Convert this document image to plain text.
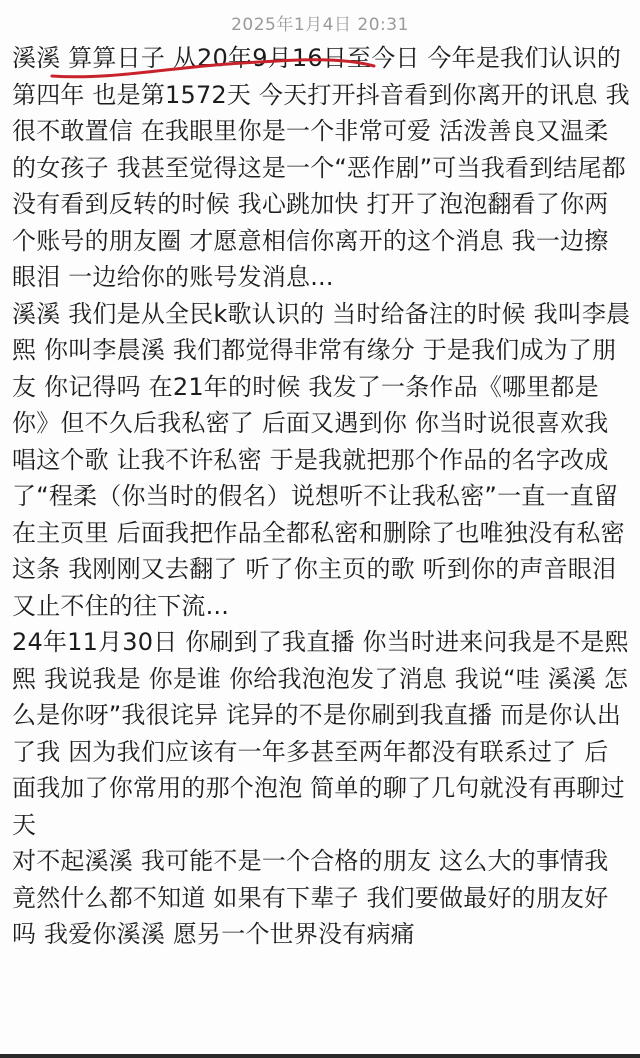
2025年1月4日 20:31

溪溪 算算日子 从20年9月16日至今日 今年是我们认识的第四年 也是第1572天 今天打开抖音看到你离开的讯息 我很不敢置信 在我眼里你是一个非常可爱 活泼善良又温柔的女孩子 我甚至觉得这是一个“恶作剧”可当我看到结尾都没有看到反转的时候 我心跳加快 打开了泡泡翻看了你两个账号的朋友圈 才愿意相信你离开的这个消息 我一边擦眼泪 一边给你的账号发消息...

溪溪 我们是从全民k歌认识的 当时给备注的时候 我叫李晨熙 你叫李晨溪 我们都觉得非常有缘分 于是我们成为了朋友 你记得吗 在21年的时候 我发了一条作品《哪里都是你》但不久后我私密了 后面又遇到你 你当时说很喜欢我唱这个歌 让我不许私密 于是我就把那个作品的名字改成了“程柔（你当时的假名）说想听不让我私密”一直一直留在主页里 后面我把作品全都私密和删除了也唯独没有私密这条 我刚刚又去翻了 听了你主页的歌 听到你的声音眼泪又止不住的往下流...

24年11月30日 你刷到了我直播 你当时进来问我是不是熙熙 我说我是 你是谁 你给我泡泡发了消息 我说“哇 溪溪 怎么是你呀”我很诧异 诧异的不是你刷到我直播 而是你认出了我 因为我们应该有一年多甚至两年都没有联系过了 后面我加了你常用的那个泡泡 简单的聊了几句就没有再聊过天

对不起溪溪 我可能不是一个合格的朋友 这么大的事情我竟然什么都不知道 如果有下辈子 我们要做最好的朋友好吗 我爱你溪溪 愿另一个世界没有病痛
